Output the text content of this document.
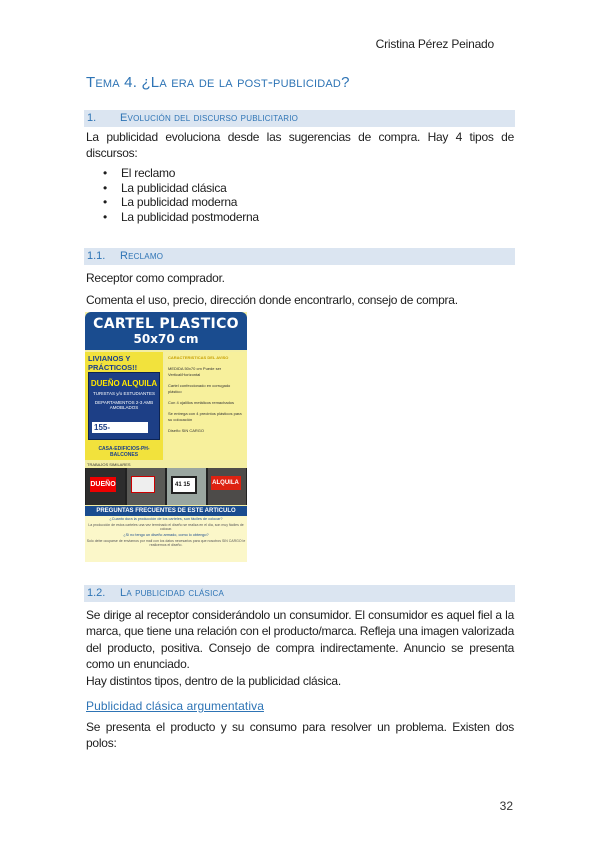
Cristina Pérez Peinado
Tema 4. ¿La era de la post-publicidad?
1. Evolución del discurso publicitario
La publicidad evoluciona desde las sugerencias de compra. Hay 4 tipos de discursos:
• El reclamo
• La publicidad clásica
• La publicidad moderna
• La publicidad postmoderna
1.1. Reclamo
Receptor como comprador.
Comenta el uso, precio, dirección donde encontrarlo, consejo de compra.
CARTEL PLASTICO
50x70 cm
LIVIANOS Y PRÁCTICOS!!
DUEÑO ALQUILA
TURISTAS y/o ESTUDIANTES
DEPARTAMENTOS 2-3 AMB AMOBLADOS
155-
CASA-EDIFICIOS-PH-BALCONES
CARACTERISTICAS DEL AVISO

MEDIDA 50x70 cm Puede ser Vertical/Horizontal

Cartel confeccionado en corrugado plástico

Con 4 ojalillos metálicos remachados

Se entrega con 4 precintos plásticos para su colocación

Diseño SIN CARGO

TRABAJOS SIMILARES
DUEÑO	41 15	ALQUILA
PREGUNTAS FRECUENTES DE ESTE ARTICULO
¿Cuanto dura la producción de los carteles, son fáciles de colocar?
La producción de estos carteles una vez terminado el diseño se realiza en el día, son muy fáciles de colocar.
¿Si no tengo un diseño armado, como lo obtengo?
Solo debe ocuparse de enviarnos por mail con los datos necesarios para que nosotros SIN CARGO le realicemos el diseño.
1.2. La publicidad clásica
Se dirige al receptor considerándolo un consumidor. El consumidor es aquel fiel a la marca, que tiene una relación con el producto/marca. Refleja una imagen valorizada del producto, positiva. Consejo de compra indirectamente. Anuncio se presenta como un enunciado.
Hay distintos tipos, dentro de la publicidad clásica.
Publicidad clásica argumentativa
Se presenta el producto y su consumo para resolver un problema. Existen dos polos:
32
